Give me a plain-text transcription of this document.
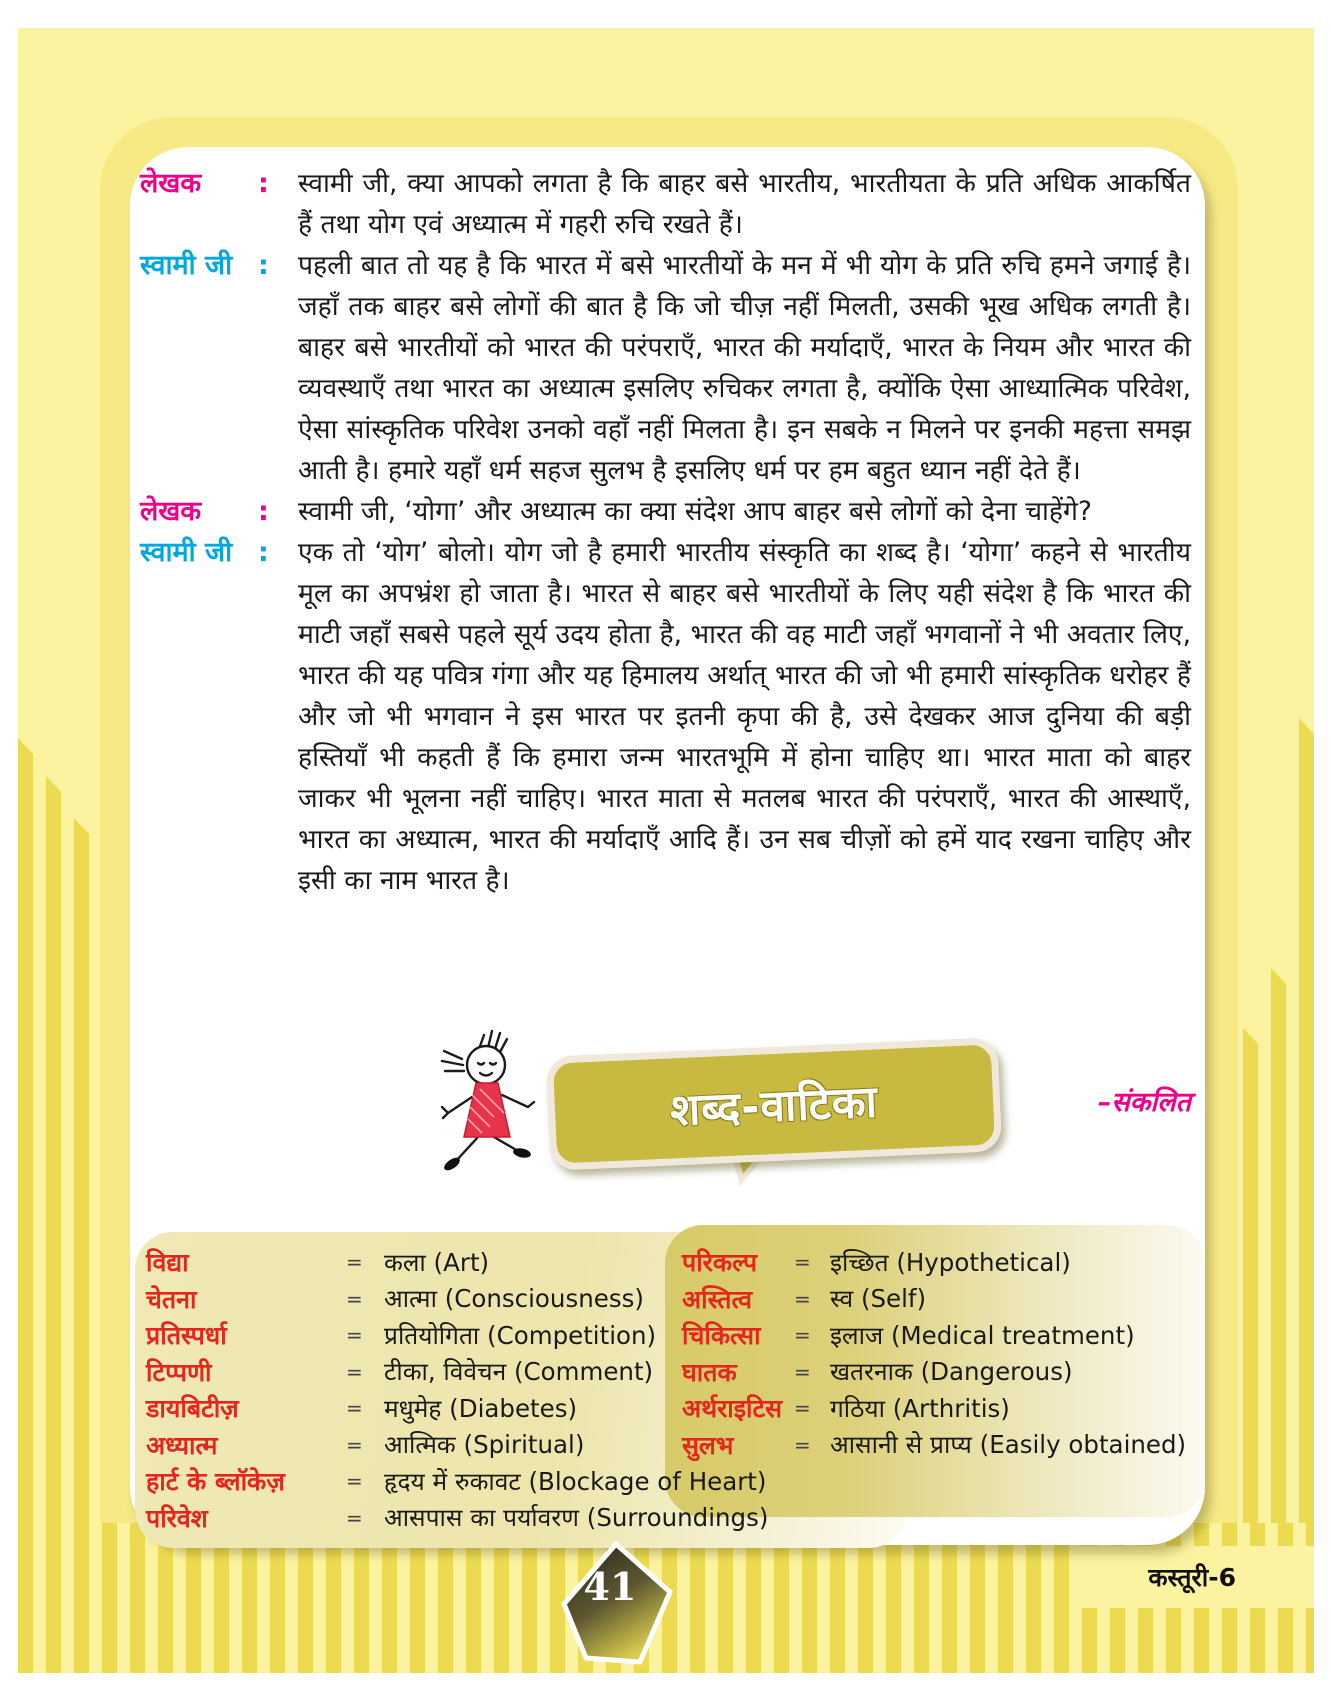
लेखक	:	स्वामी जी, क्या आपको लगता है कि बाहर बसे भारतीय, भारतीयता के प्रति अधिक आकर्षित हैं तथा योग एवं अध्यात्म में गहरी रुचि रखते हैं।
स्वामी जी :	पहली बात तो यह है कि भारत में बसे भारतीयों के मन में भी योग के प्रति रुचि हमने जगाई है। जहाँ तक बाहर बसे लोगों की बात है कि जो चीज़ नहीं मिलती, उसकी भूख अधिक लगती है। बाहर बसे भारतीयों को भारत की परंपराएँ, भारत की मर्यादाएँ, भारत के नियम और भारत की व्यवस्थाएँ तथा भारत का अध्यात्म इसलिए रुचिकर लगता है, क्योंकि ऐसा आध्यात्मिक परिवेश, ऐसा सांस्कृतिक परिवेश उनको वहाँ नहीं मिलता है। इन सबके न मिलने पर इनकी महत्ता समझ आती है। हमारे यहाँ धर्म सहज सुलभ है इसलिए धर्म पर हम बहुत ध्यान नहीं देते हैं।
लेखक	:	स्वामी जी, ‘योगा’ और अध्यात्म का क्या संदेश आप बाहर बसे लोगों को देना चाहेंगे?
स्वामी जी :	एक तो ‘योग’ बोलो। योग जो है हमारी भारतीय संस्कृति का शब्द है। ‘योगा’ कहने से भारतीय मूल का अपभ्रंश हो जाता है। भारत से बाहर बसे भारतीयों के लिए यही संदेश है कि भारत की माटी जहाँ सबसे पहले सूर्य उदय होता है, भारत की वह माटी जहाँ भगवानों ने भी अवतार लिए, भारत की यह पवित्र गंगा और यह हिमालय अर्थात् भारत की जो भी हमारी सांस्कृतिक धरोहर हैं और जो भी भगवान ने इस भारत पर इतनी कृपा की है, उसे देखकर आज दुनिया की बड़ी हस्तियाँ भी कहती हैं कि हमारा जन्म भारतभूमि में होना चाहिए था। भारत माता को बाहर जाकर भी भूलना नहीं चाहिए। भारत माता से मतलब भारत की परंपराएँ, भारत की आस्थाएँ, भारत का अध्यात्म, भारत की मर्यादाएँ आदि हैं। उन सब चीज़ों को हमें याद रखना चाहिए और इसी का नाम भारत है।
–संकलित
शब्द-वाटिका
विद्या	= कला (Art)
चेतना	= आत्मा (Consciousness)
प्रतिस्पर्धा	= प्रतियोगिता (Competition)
टिप्पणी	= टीका, विवेचन (Comment)
डायबिटीज़	= मधुमेह (Diabetes)
अध्यात्म	= आत्मिक (Spiritual)
हार्ट के ब्लॉकेज़	= हृदय में रुकावट (Blockage of Heart)
परिवेश	= आसपास का पर्यावरण (Surroundings)
परिकल्प	= इच्छित (Hypothetical)
अस्तित्व	= स्व (Self)
चिकित्सा	= इलाज (Medical treatment)
घातक	= खतरनाक (Dangerous)
अर्थराइटिस = गठिया (Arthritis)
सुलभ	= आसानी से प्राप्य (Easily obtained)
कस्तूरी-6
41
